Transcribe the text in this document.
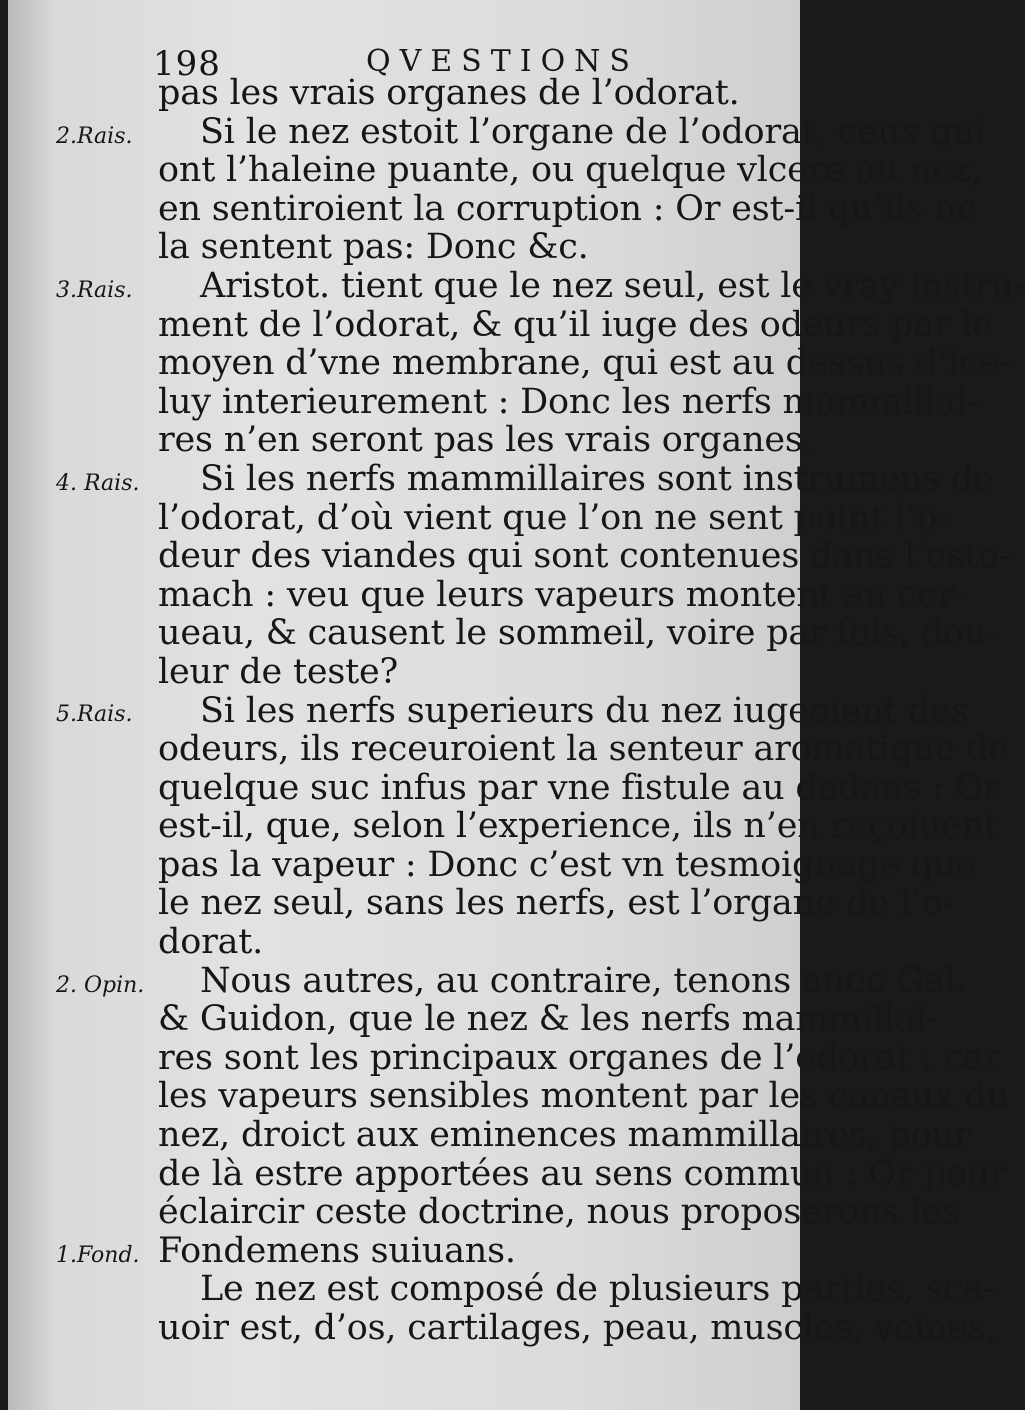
198	QVESTIONS
2.Rais.
3.Rais.
4. Rais.
5.Rais.
2. Opin.
1.Fond.
pas les vrais organes de l’odorat.
Si le nez estoit l’organe de l’odorat, ceux qui
ont l’haleine puante, ou quelque vlcere au nez,
en sentiroient la corruption : Or est-il qu’ils ne
la sentent pas: Donc &c.
Aristot. tient que le nez seul, est le vray instru-
ment de l’odorat, & qu’il iuge des odeurs par le
moyen d’vne membrane, qui est au dessus d’ice-
luy interieurement : Donc les nerfs mammillai-
res n’en seront pas les vrais organes.
Si les nerfs mammillaires sont instrumens de
l’odorat, d’où vient que l’on ne sent point l’o-
deur des viandes qui sont contenues dans l’esto-
mach : veu que leurs vapeurs montent au cer-
ueau, & causent le sommeil, voire par fois, dou-
leur de teste?
Si les nerfs superieurs du nez iugeoient des
odeurs, ils receuroient la senteur aromatique de
quelque suc infus par vne fistule au dedans : Or
est-il, que, selon l’experience, ils n’en reçoiuent
pas la vapeur : Donc c’est vn tesmoignage que
le nez seul, sans les nerfs, est l’organe de l’o-
dorat.
Nous autres, au contraire, tenons auec Gal.
& Guidon, que le nez & les nerfs mammillai-
res sont les principaux organes de l’odorat : car
les vapeurs sensibles montent par les canaux du
nez, droict aux eminences mammillaires, pour
de là estre apportées au sens commun : Or pour
éclaircir ceste doctrine, nous proposerons les
Fondemens suiuans.
Le nez est composé de plusieurs parties, sca-
uoir est, d’os, cartilages, peau, muscles, veines,
